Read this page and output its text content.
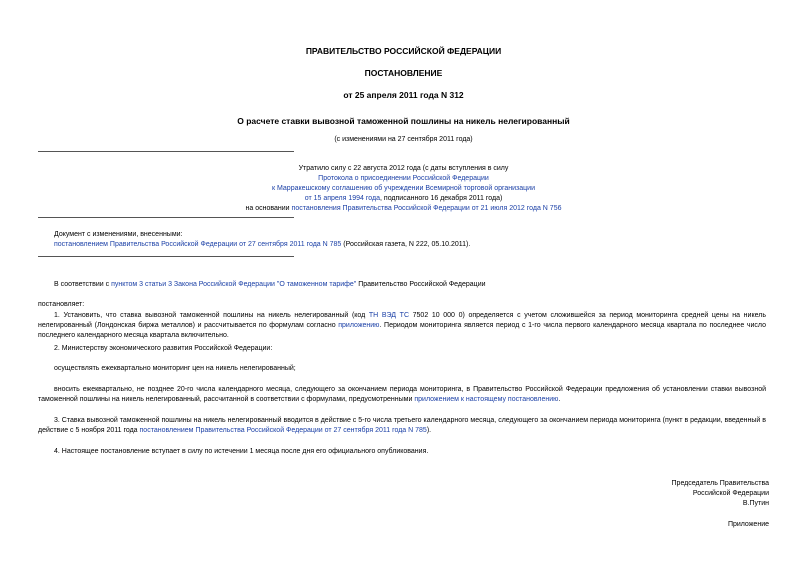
ПРАВИТЕЛЬСТВО РОССИЙСКОЙ ФЕДЕРАЦИИ
ПОСТАНОВЛЕНИЕ
от 25 апреля 2011 года N 312
О расчете ставки вывозной таможенной пошлины на никель нелегированный
(с изменениями на 27 сентября 2011 года)
Утратило силу с 22 августа 2012 года (с даты вступления в силу
Протокола о присоединении Российской Федерации
к Марракешскому соглашению об учреждении Всемирной торговой организации
от 15 апреля 1994 года, подписанного 16 декабря 2011 года)
на основании постановления Правительства Российской Федерации от 21 июля 2012 года N 756
Документ с изменениями, внесенными:
постановлением Правительства Российской Федерации от 27 сентября 2011 года N 785 (Российская газета, N 222, 05.10.2011).
В соответствии с пунктом 3 статьи 3 Закона Российской Федерации "О таможенном тарифе" Правительство Российской Федерации
постановляет:
1. Установить, что ставка вывозной таможенной пошлины на никель нелегированный (код ТН ВЭД ТС 7502 10 000 0) определяется с учетом сложившейся за период мониторинга средней цены на никель нелегированный (Лондонская биржа металлов) и рассчитывается по формулам согласно приложению. Периодом мониторинга является период с 1-го числа первого календарного месяца квартала по последнее число последнего календарного месяца квартала включительно.
2. Министерству экономического развития Российской Федерации:
осуществлять ежеквартально мониторинг цен на никель нелегированный;
вносить ежеквартально, не позднее 20-го числа календарного месяца, следующего за окончанием периода мониторинга, в Правительство Российской Федерации предложения об установлении ставки вывозной таможенной пошлины на никель нелегированный, рассчитанной в соответствии с формулами, предусмотренными приложением к настоящему постановлению.
3. Ставка вывозной таможенной пошлины на никель нелегированный вводится в действие с 5-го числа третьего календарного месяца, следующего за окончанием периода мониторинга (пункт в редакции, введенный в действие с 5 ноября 2011 года постановлением Правительства Российской Федерации от 27 сентября 2011 года N 785).
4. Настоящее постановление вступает в силу по истечении 1 месяца после дня его официального опубликования.
Председатель Правительства
Российской Федерации
В.Путин
Приложение
